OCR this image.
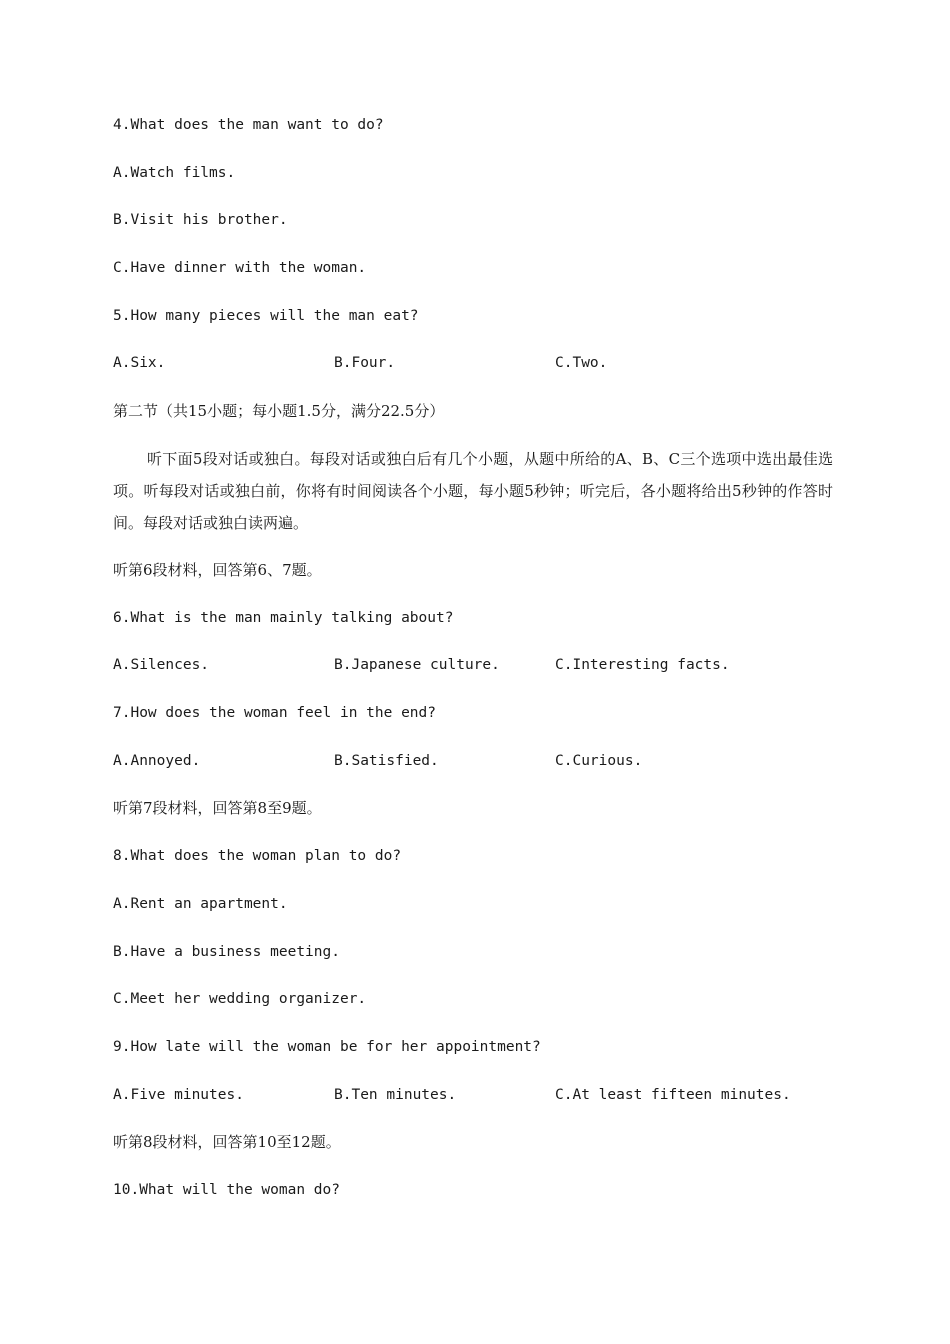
4.What does the man want to do?
A.Watch films.
B.Visit his brother.
C.Have dinner with the woman.
5.How many pieces will the man eat?
A.Six.	B.Four.	C.Two.
第二节（共15小题；每小题1.5分，满分22.5分）
听下面5段对话或独白。每段对话或独白后有几个小题，从题中所给的A、B、C三个选项中选出最佳选项。听每段对话或独白前，你将有时间阅读各个小题，每小题5秒钟；听完后，各小题将给出5秒钟的作答时间。每段对话或独白读两遍。
听第6段材料，回答第6、7题。
6.What is the man mainly talking about?
A.Silences.	B.Japanese culture.	C.Interesting facts.
7.How does the woman feel in the end?
A.Annoyed.	B.Satisfied.	C.Curious.
听第7段材料，回答第8至9题。
8.What does the woman plan to do?
A.Rent an apartment.
B.Have a business meeting.
C.Meet her wedding organizer.
9.How late will the woman be for her appointment?
A.Five minutes.	B.Ten minutes.	C.At least fifteen minutes.
听第8段材料，回答第10至12题。
10.What will the woman do?
